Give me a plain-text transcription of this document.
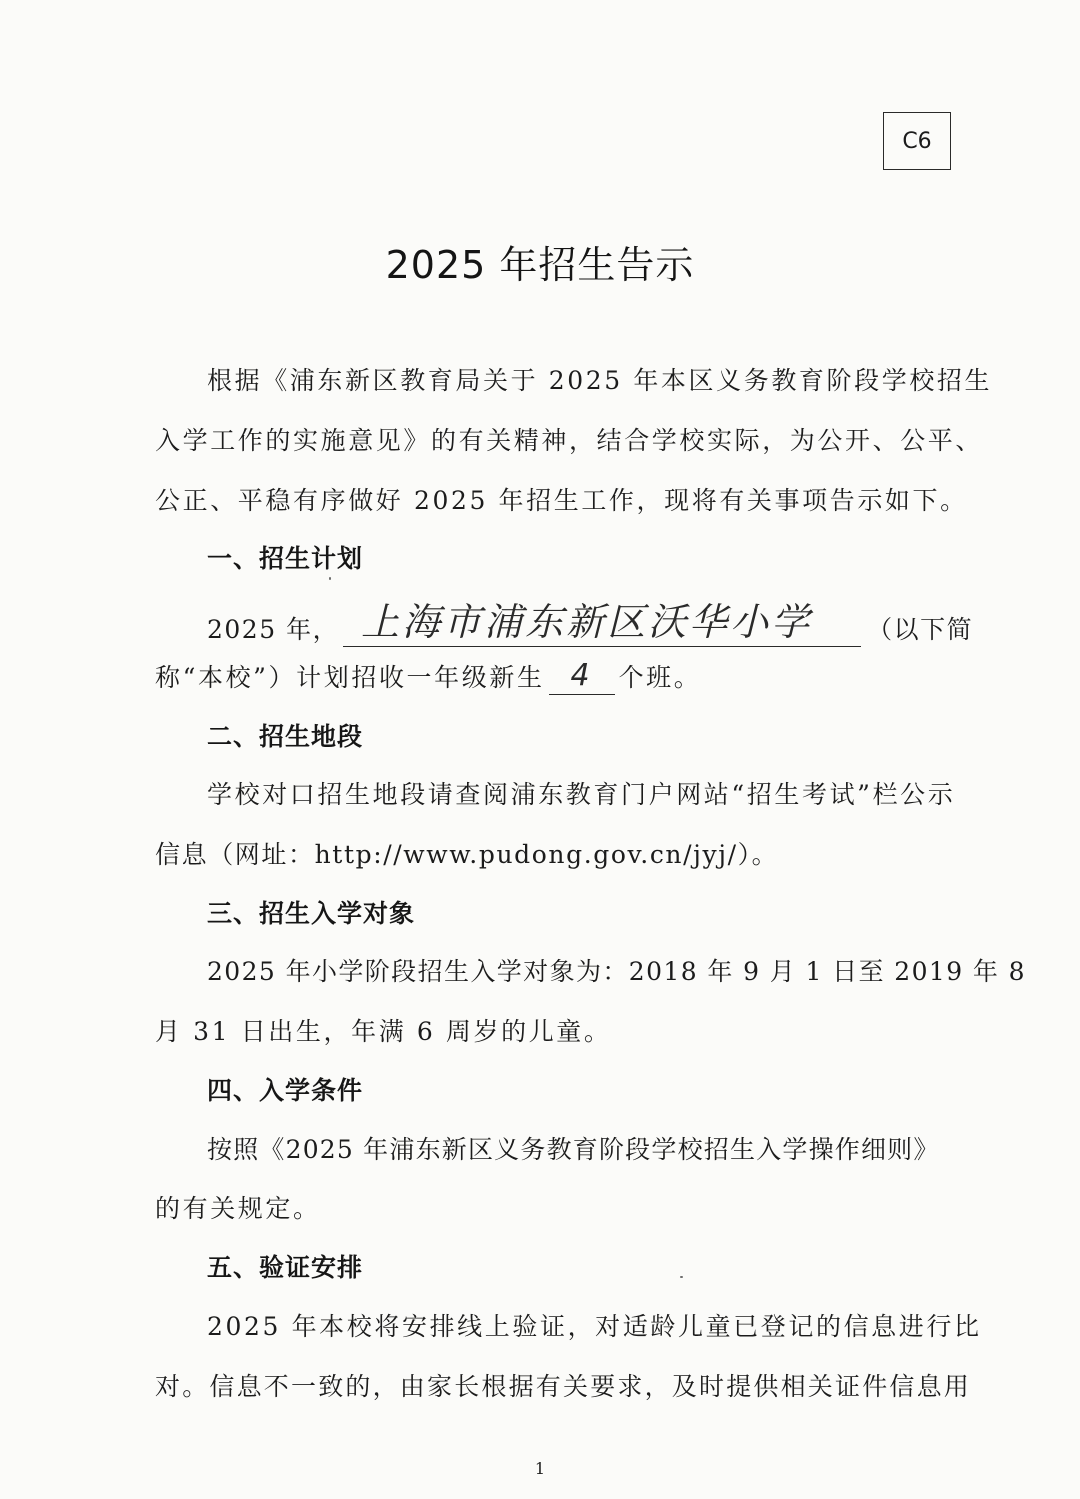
C6
2025 年招生告示
根据《浦东新区教育局关于 2025 年本区义务教育阶段学校招生
入学工作的实施意见》的有关精神，结合学校实际，为公开、公平、
公正、平稳有序做好 2025 年招生工作，现将有关事项告示如下。
一、招生计划
2025 年， 上海市浦东新区沃华小学 （以下简
称“本校”）计划招收一年级新生 4	个班。
二、招生地段
学校对口招生地段请查阅浦东教育门户网站“招生考试”栏公示
信息（网址：http://www.pudong.gov.cn/jyj/）。
三、招生入学对象
2025 年小学阶段招生入学对象为：2018 年 9 月 1 日至 2019 年 8
月 31 日出生，年满 6 周岁的儿童。
四、入学条件
按照《2025 年浦东新区义务教育阶段学校招生入学操作细则》
的有关规定。
五、验证安排
2025 年本校将安排线上验证，对适龄儿童已登记的信息进行比
对。信息不一致的，由家长根据有关要求，及时提供相关证件信息用
1
